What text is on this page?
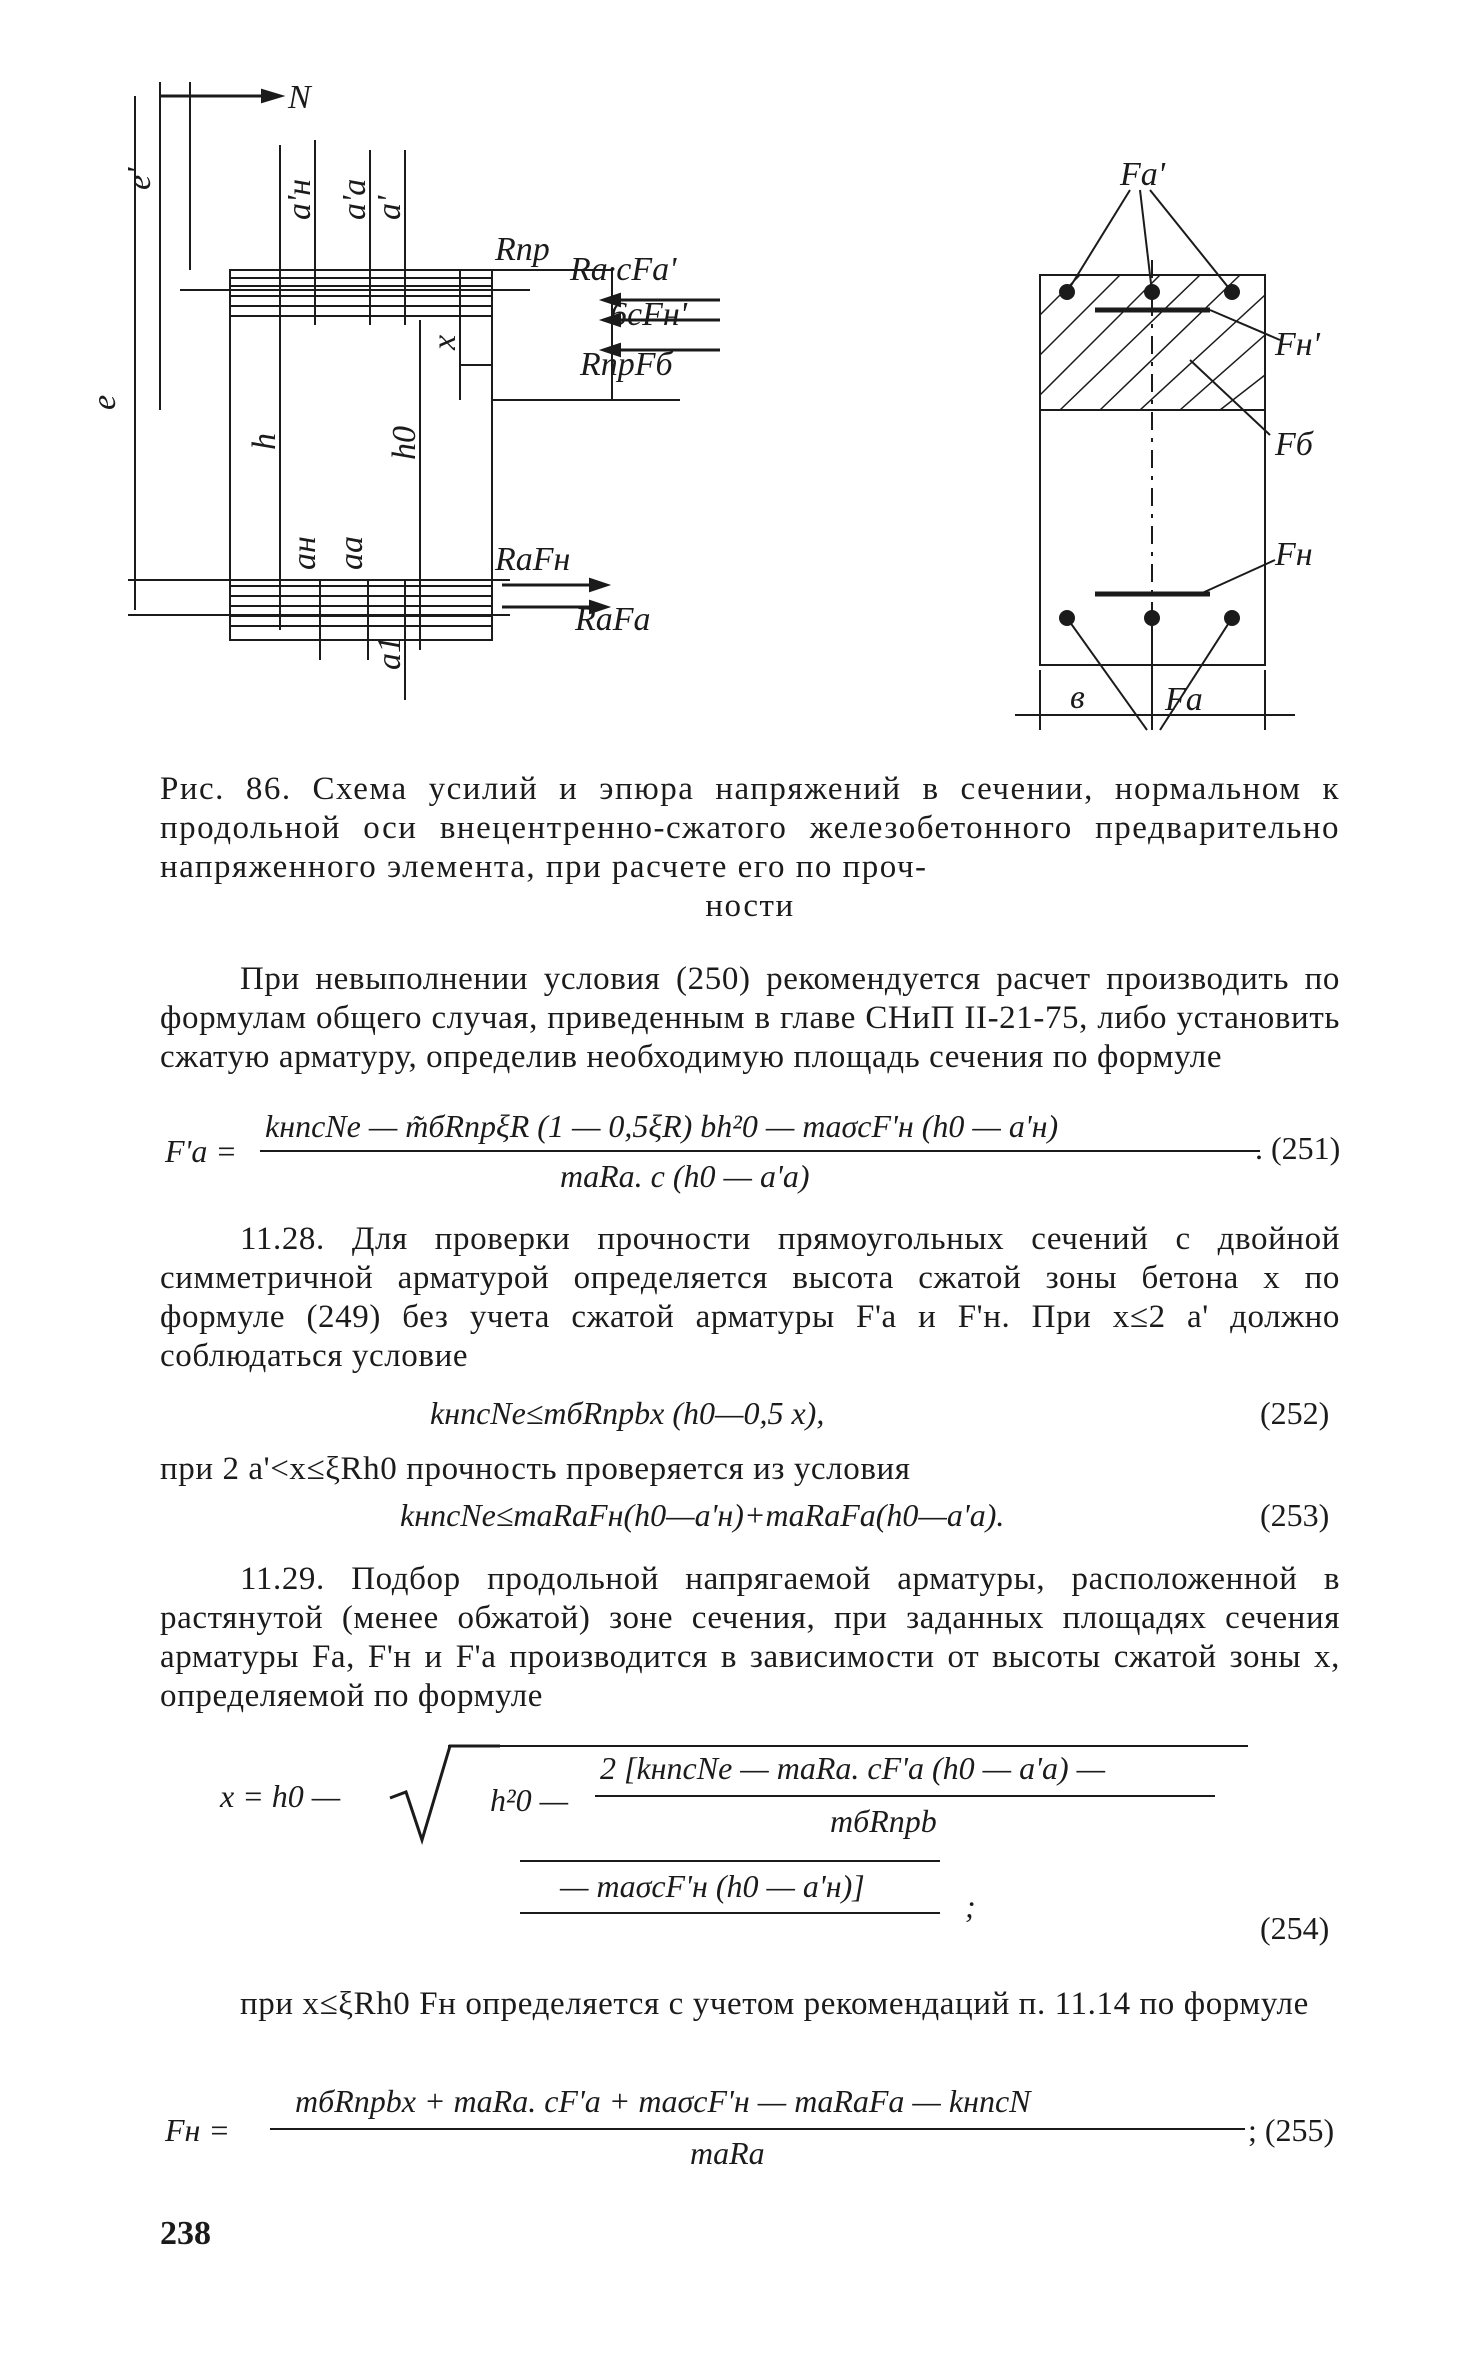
N
e'
e
a'н a'а
a'
h	h0
x
aн aа
a1
Rпр
Ra·cFa'
6cFн'
RпрFб
RaFн
RaFa
Fa'
Fн'
Fб
Fн
Fa
в
Рис. 86. Схема усилий и эпюра напряжений в сечении, нормальном к продольной оси внецентренно-сжатого железобетонного предварительно напряженного элемента, при расчете его по проч-
ности
При невыполнении условия (250) рекомендуется расчет производить по формулам общего случая, приведенным в главе СНиП II-21-75, либо установить сжатую арматуру, определив необходимую площадь сечения по формуле
F'a =
kнnсNe — m̃бRпрξR (1 — 0,5ξR) bh²0 — maσсF'н (h0 — a'н)
maRa. с (h0 — a'a)
. (251)
11.28. Для проверки прочности прямоугольных сечений с двойной симметричной арматурой определяется высота сжатой зоны бетона x по формуле (249) без учета сжатой арматуры F'a и F'н. При x≤2 a' должно соблюдаться условие
kнnсNe≤mбRпрbx (h0—0,5 x),	(252)
при 2 a'<x≤ξRh0 прочность проверяется из условия
kнnсNe≤maRaFн(h0—a'н)+maRaFa(h0—a'a).	(253)
11.29. Подбор продольной напрягаемой арматуры, расположенной в растянутой (менее обжатой) зоне сечения, при заданных площадях сечения арматуры Fa, F'н и F'a производится в зависимости от высоты сжатой зоны x, определяемой по формуле
x = h0 —	h²0 —
2 [kнnсNe — maRa. сF'a (h0 — a'a) —
mбRпрb
— maσсF'н (h0 — a'н)]
;
(254)
при x≤ξRh0 Fн определяется с учетом рекомендаций п. 11.14 по формуле
Fн =
mбRпрbx + maRa. сF'a + maσсF'н — maRaFa — kнnсN
maRa
; (255)
238
